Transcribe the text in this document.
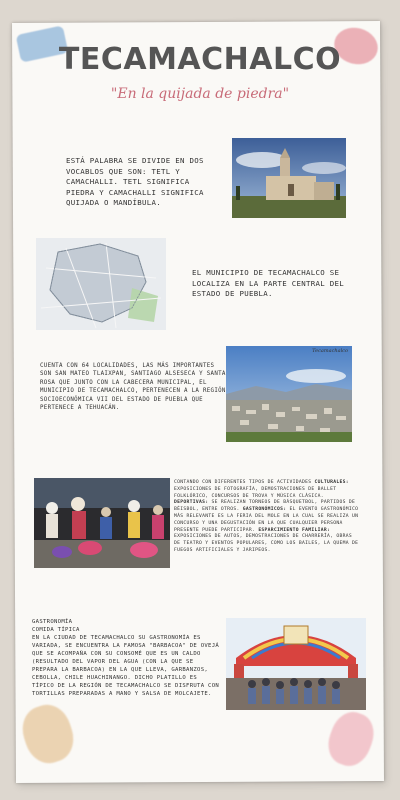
TECAMACHALCO
"En la quijada de piedra"
ESTÁ PALABRA SE DIVIDE EN DOS VOCABLOS QUE SON: TETL Y CAMACHALLI. TETL SIGNIFICA PIEDRA Y CAMACHALLI SIGNIFICA QUIJADA O MANDÍBULA.
EL MUNICIPIO DE TECAMACHALCO SE LOCALIZA EN LA PARTE CENTRAL DEL ESTADO DE PUEBLA.
CUENTA CON 64 LOCALIDADES, LAS MÁS IMPORTANTES SON SAN MATEO TLAIXPAN, SANTIAGO ALSESECA Y SANTA ROSA QUE JUNTO CON LA CABECERA MUNICIPAL, EL MUNICIPIO DE TECAMACHALCO, PERTENECEN A LA REGIÓN SOCIOECONÓMICA VII DEL ESTADO DE PUEBLA QUE PERTENECE A TEHUACÁN.
Tecamachalco
CONTANDO CON DIFERENTES TIPOS DE ACTIVIDADES CULTURALES: EXPOSICIONES DE FOTOGRAFÍA, DEMOSTRACIONES DE BALLET FOLKLÓRICO, CONCURSOS DE TROVA Y MÚSICA CLÁSICA. DEPORTIVAS: SE REALIZAN TORNEOS DE BÁSQUETBOL, PARTIDOS DE BÉISBOL, ENTRE OTROS. GASTRONÓMICOS: EL EVENTO GASTRONÓMICO MÁS RELEVANTE ES LA FERIA DEL MOLE EN LA CUAL SE REALIZA UN CONCURSO Y UNA DEGUSTACIÓN EN LA QUE CUALQUIER PERSONA PRESENTE PUEDE PARTICIPAR. ESPARCIMIENTO FAMILIAR: EXPOSICIONES DE AUTOS, DEMOSTRACIONES DE CHARRERÍA, OBRAS DE TEATRO Y EVENTOS POPULARES, COMO LOS BAILES, LA QUEMA DE FUEGOS ARTIFICIALES Y JARIPEOS.
GASTRONOMÍA
COMIDA TÍPICA
EN LA CIUDAD DE TECAMACHALCO SU GASTRONOMÍA ES VARIADA, SE ENCUENTRA LA FAMOSA "BARBACOA" DE OVEJÁ QUE SE ACOMPAÑA CON SU CONSOMÉ QUE ES UN CALDO (RESULTADO DEL VAPOR DEL AGUA (CON LA QUE SE PREPARA LA BARBACOA) EN LA QUE LLEVA, GARBANZOS, CEBOLLA, CHILE HUACHINANGO. DICHO PLATILLO ES TÍPICO DE LA REGIÓN DE TECAMACHALCO SE DISFRUTA CON TORTILLAS PREPARADAS A MANO Y SALSA DE MOLCAJETE.
